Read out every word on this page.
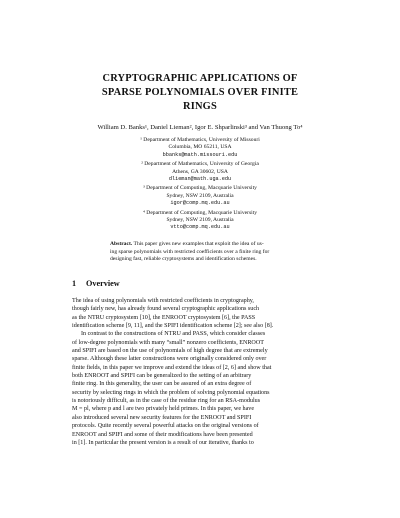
CRYPTOGRAPHIC APPLICATIONS OF
SPARSE POLYNOMIALS OVER FINITE
RINGS
William D. Banks¹, Daniel Lieman², Igor E. Shparlinski³ and Van Thuong To⁴
¹ Department of Mathematics, University of Missouri
Columbia, MO 65211, USA
bbanks@math.missouri.edu
² Department of Mathematics, University of Georgia
Athens, GA 30602, USA
dlieman@math.uga.edu
³ Department of Computing, Macquarie University
Sydney, NSW 2109, Australia
igor@comp.mq.edu.au
⁴ Department of Computing, Macquarie University
Sydney, NSW 2109, Australia
vtto@comp.mq.edu.au
Abstract. This paper gives new examples that exploit the idea of us-
ing sparse polynomials with restricted coefficients over a finite ring for
designing fast, reliable cryptosystems and identification schemes.
1 Overview
The idea of using polynomials with restricted coefficients in cryptography,
though fairly new, has already found several cryptographic applications such
as the NTRU cryptosystem [10], the ENROOT cryptosystem [6], the PASS
identification scheme [9, 11], and the SPIFI identification scheme [2]; see also [8].
In contrast to the constructions of NTRU and PASS, which consider classes
of low-degree polynomials with many “small” nonzero coefficients, ENROOT
and SPIFI are based on the use of polynomials of high degree that are extremely
sparse. Although these latter constructions were originally considered only over
finite fields, in this paper we improve and extend the ideas of [2, 6] and show that
both ENROOT and SPIFI can be generalized to the setting of an arbitrary
finite ring. In this generality, the user can be assured of an extra degree of
security by selecting rings in which the problem of solving polynomial equations
is notoriously difficult, as in the case of the residue ring for an RSA-modulus
M = pl, where p and l are two privately held primes. In this paper, we have
also introduced several new security features for the ENROOT and SPIFI
protocols. Quite recently several powerful attacks on the original versions of
ENROOT and SPIFI and some of their modifications have been presented
in [1]. In particular the present version is a result of our iterative, thanks to
